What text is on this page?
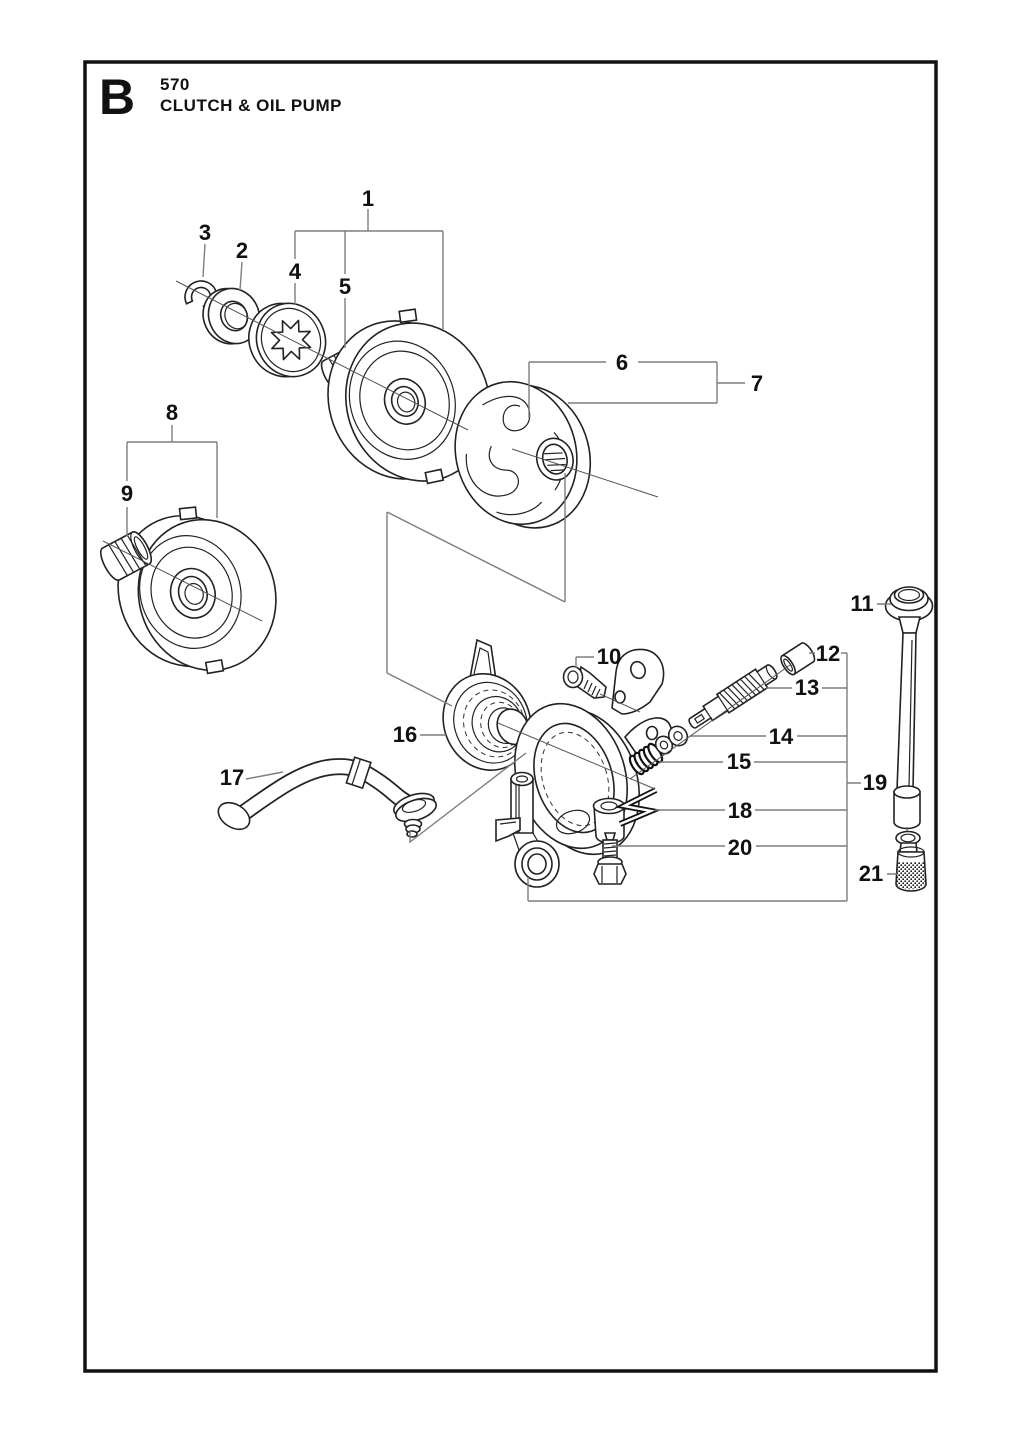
B 570
CLUTCH & OIL PUMP
1
3
2
4
5
6
7
8
9
10
11
12
13
14
15
16
17
18
19
20
21
